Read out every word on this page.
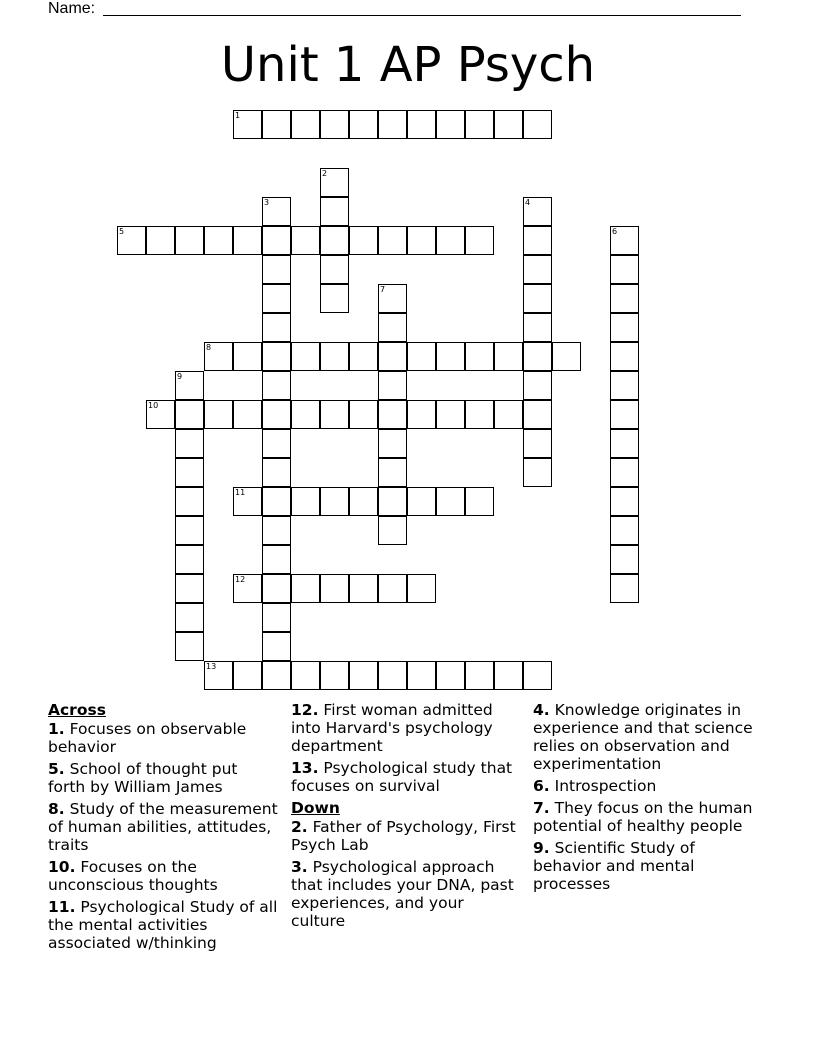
Name:
Unit 1 AP Psych
1
2
3	4
5	6
7
8
9
10
11
12
13
Across
1. Focuses on observable behavior
5. School of thought put forth by William James
8. Study of the measurement of human abilities, attitudes, traits
10. Focuses on the unconscious thoughts
11. Psychological Study of all the mental activities associated w/thinking
12. First woman admitted into Harvard's psychology department
13. Psychological study that focuses on survival
Down
2. Father of Psychology, First Psych Lab
3. Psychological approach that includes your DNA, past experiences, and your culture
4. Knowledge originates in experience and that science relies on observation and experimentation
6. Introspection
7. They focus on the human potential of healthy people
9. Scientific Study of behavior and mental processes
